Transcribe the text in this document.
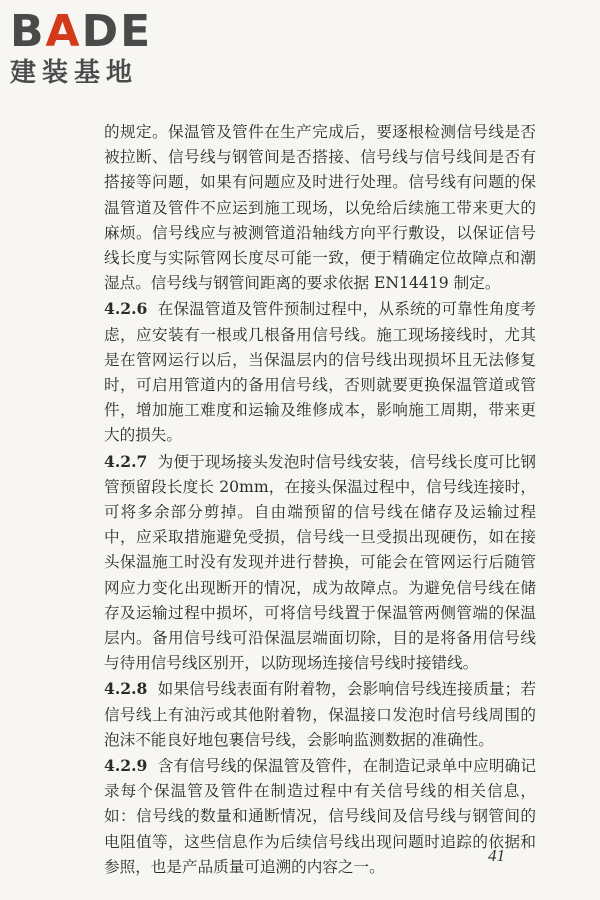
BADE
建装基地

的规定。保温管及管件在生产完成后，要逐根检测信号线是否被拉断、信号线与钢管间是否搭接、信号线与信号线间是否有搭接等问题，如果有问题应及时进行处理。信号线有问题的保温管道及管件不应运到施工现场，以免给后续施工带来更大的麻烦。信号线应与被测管道沿轴线方向平行敷设，以保证信号线长度与实际管网长度尽可能一致，便于精确定位故障点和潮湿点。信号线与钢管间距离的要求依据 EN14419 制定。

4.2.6 在保温管道及管件预制过程中，从系统的可靠性角度考虑，应安装有一根或几根备用信号线。施工现场接线时，尤其是在管网运行以后，当保温层内的信号线出现损坏且无法修复时，可启用管道内的备用信号线，否则就要更换保温管道或管件，增加施工难度和运输及维修成本，影响施工周期，带来更大的损失。

4.2.7 为便于现场接头发泡时信号线安装，信号线长度可比钢管预留段长度长 20mm，在接头保温过程中，信号线连接时，可将多余部分剪掉。自由端预留的信号线在储存及运输过程中，应采取措施避免受损，信号线一旦受损出现硬伤，如在接头保温施工时没有发现并进行替换，可能会在管网运行后随管网应力变化出现断开的情况，成为故障点。为避免信号线在储存及运输过程中损坏，可将信号线置于保温管两侧管端的保温层内。备用信号线可沿保温层端面切除，目的是将备用信号线与待用信号线区别开，以防现场连接信号线时接错线。

4.2.8 如果信号线表面有附着物，会影响信号线连接质量；若信号线上有油污或其他附着物，保温接口发泡时信号线周围的泡沫不能良好地包裹信号线，会影响监测数据的准确性。

4.2.9 含有信号线的保温管及管件，在制造记录单中应明确记录每个保温管及管件在制造过程中有关信号线的相关信息，如：信号线的数量和通断情况，信号线间及信号线与钢管间的电阻值等，这些信息作为后续信号线出现问题时追踪的依据和参照，也是产品质量可追溯的内容之一。

41
